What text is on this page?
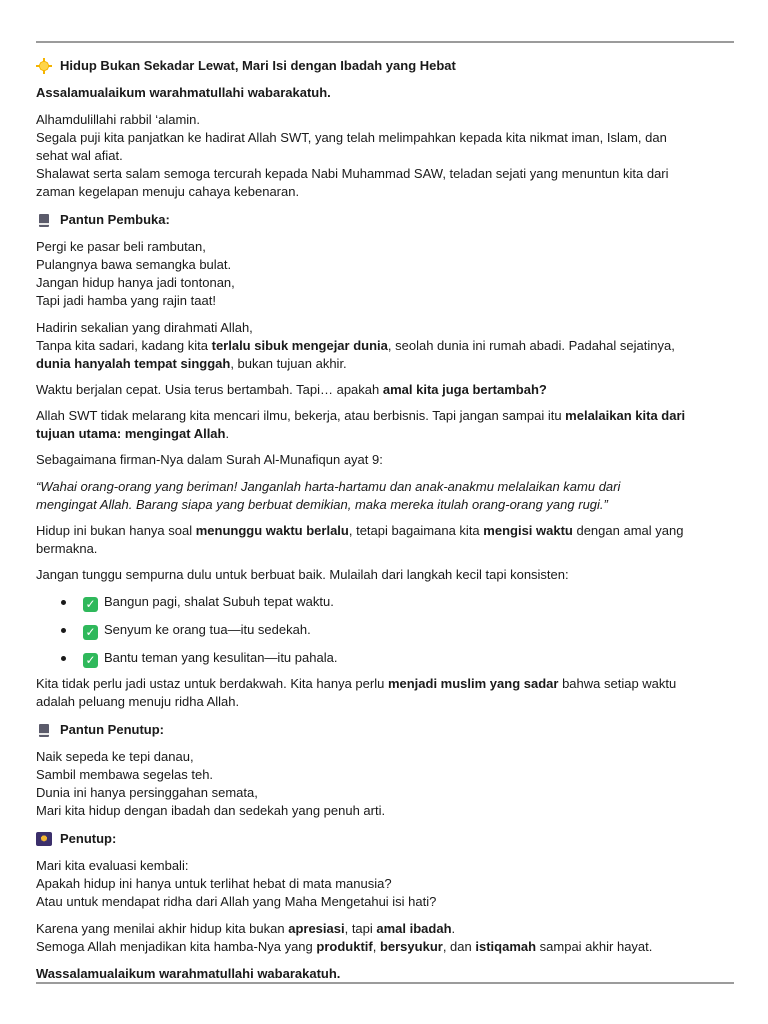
Hidup Bukan Sekadar Lewat, Mari Isi dengan Ibadah yang Hebat

Assalamualaikum warahmatullahi wabarakatuh.

Alhamdulillahi rabbil ‘alamin.

Segala puji kita panjatkan ke hadirat Allah SWT, yang telah melimpahkan kepada kita nikmat iman, Islam, dan

sehat wal afiat.

Shalawat serta salam semoga tercurah kepada Nabi Muhammad SAW, teladan sejati yang menuntun kita dari

zaman kegelapan menuju cahaya kebenaran.

Pantun Pembuka:

Pergi ke pasar beli rambutan,

Pulangnya bawa semangka bulat.

Jangan hidup hanya jadi tontonan,

Tapi jadi hamba yang rajin taat!

Hadirin sekalian yang dirahmati Allah,

Tanpa kita sadari, kadang kita terlalu sibuk mengejar dunia, seolah dunia ini rumah abadi. Padahal sejatinya,

dunia hanyalah tempat singgah, bukan tujuan akhir.

Waktu berjalan cepat. Usia terus bertambah. Tapi… apakah amal kita juga bertambah?

Allah SWT tidak melarang kita mencari ilmu, bekerja, atau berbisnis. Tapi jangan sampai itu melalaikan kita dari

tujuan utama: mengingat Allah.

Sebagaimana firman-Nya dalam Surah Al-Munafiqun ayat 9:

“Wahai orang-orang yang beriman! Janganlah harta-hartamu dan anak-anakmu melalaikan kamu dari

mengingat Allah. Barang siapa yang berbuat demikian, maka mereka itulah orang-orang yang rugi.”

Hidup ini bukan hanya soal menunggu waktu berlalu, tetapi bagaimana kita mengisi waktu dengan amal yang

bermakna.

Jangan tunggu sempurna dulu untuk berbuat baik. Mulailah dari langkah kecil tapi konsisten:

✓ Bangun pagi, shalat Subuh tepat waktu.
✓ Senyum ke orang tua—itu sedekah.
✓ Bantu teman yang kesulitan—itu pahala.

Kita tidak perlu jadi ustaz untuk berdakwah. Kita hanya perlu menjadi muslim yang sadar bahwa setiap waktu

adalah peluang menuju ridha Allah.

Pantun Penutup:

Naik sepeda ke tepi danau,

Sambil membawa segelas teh.

Dunia ini hanya persinggahan semata,

Mari kita hidup dengan ibadah dan sedekah yang penuh arti.

Penutup:

Mari kita evaluasi kembali:

Apakah hidup ini hanya untuk terlihat hebat di mata manusia?

Atau untuk mendapat ridha dari Allah yang Maha Mengetahui isi hati?

Karena yang menilai akhir hidup kita bukan apresiasi, tapi amal ibadah.

Semoga Allah menjadikan kita hamba-Nya yang produktif, bersyukur, dan istiqamah sampai akhir hayat.

Wassalamualaikum warahmatullahi wabarakatuh.
